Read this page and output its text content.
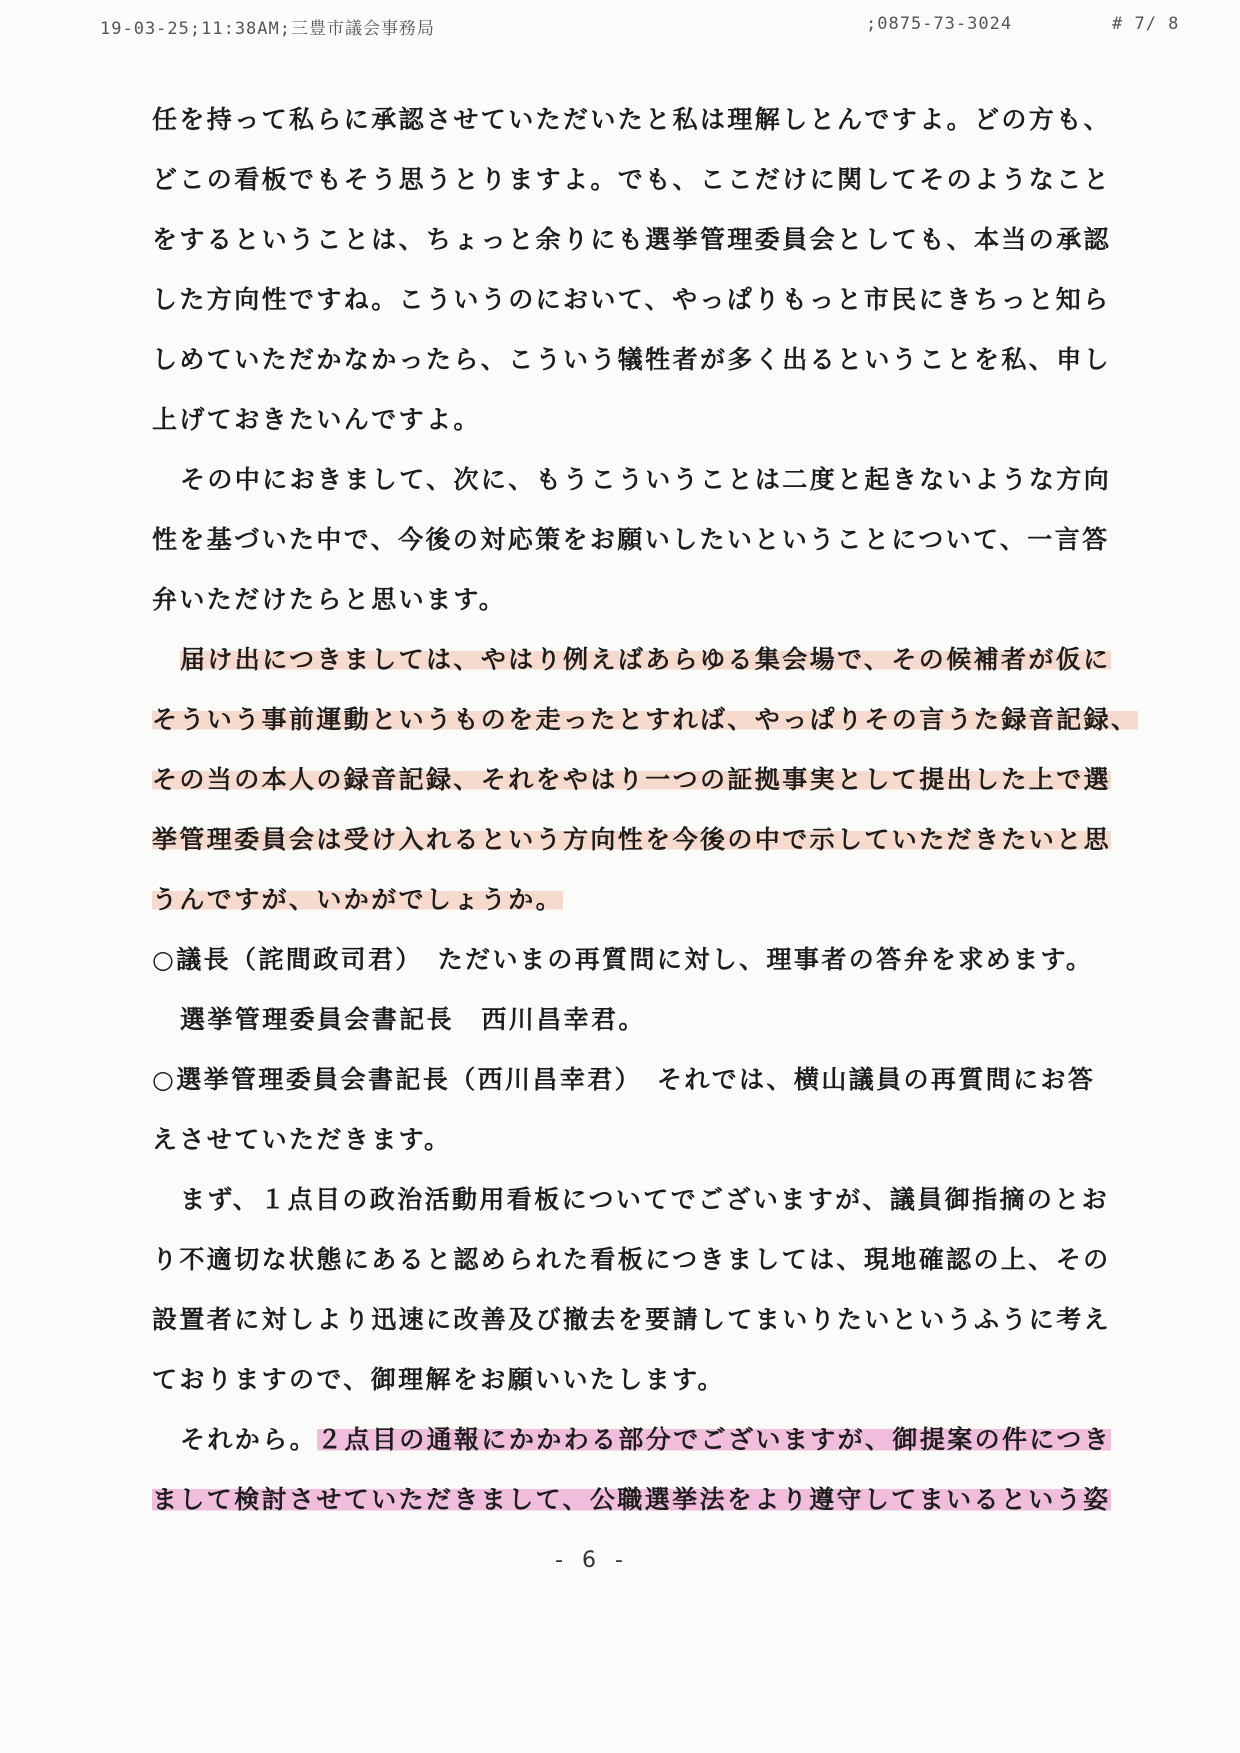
19-03-25;11:38AM;三豊市議会事務局	;0875-73-3024	# 7/ 8
任を持って私らに承認させていただいたと私は理解しとんですよ。どの方も、
どこの看板でもそう思うとりますよ。でも、ここだけに関してそのようなこと
をするということは、ちょっと余りにも選挙管理委員会としても、本当の承認
した方向性ですね。こういうのにおいて、やっぱりもっと市民にきちっと知ら
しめていただかなかったら、こういう犠牲者が多く出るということを私、申し
上げておきたいんですよ。
その中におきまして、次に、もうこういうことは二度と起きないような方向
性を基づいた中で、今後の対応策をお願いしたいということについて、一言答
弁いただけたらと思います。
届け出につきましては、やはり例えばあらゆる集会場で、その候補者が仮に
そういう事前運動というものを走ったとすれば、やっぱりその言うた録音記録、
その当の本人の録音記録、それをやはり一つの証拠事実として提出した上で選
挙管理委員会は受け入れるという方向性を今後の中で示していただきたいと思
うんですが、いかがでしょうか。
○議長（詫間政司君）　ただいまの再質問に対し、理事者の答弁を求めます。
選挙管理委員会書記長　西川昌幸君。
○選挙管理委員会書記長（西川昌幸君）　それでは、横山議員の再質問にお答
えさせていただきます。
まず、１点目の政治活動用看板についてでございますが、議員御指摘のとお
り不適切な状態にあると認められた看板につきましては、現地確認の上、その
設置者に対しより迅速に改善及び撤去を要請してまいりたいというふうに考え
ておりますので、御理解をお願いいたします。
それから。２点目の通報にかかわる部分でございますが、御提案の件につき
まして検討させていただきまして、公職選挙法をより遵守してまいるという姿
- 6 -
